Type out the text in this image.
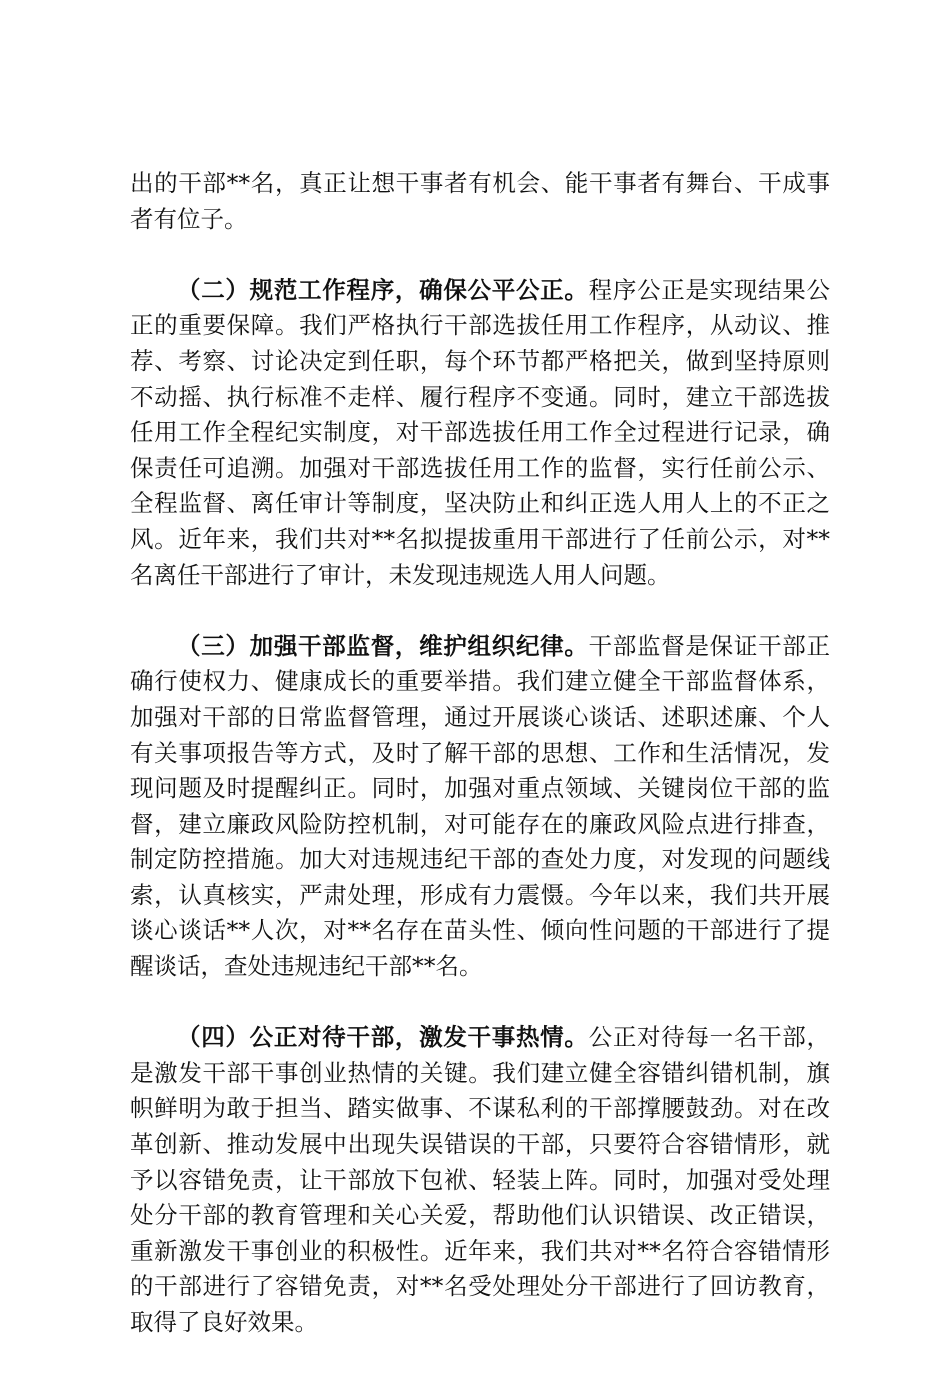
出的干部**名，真正让想干事者有机会、能干事者有舞台、干成事者有位子。

（二）规范工作程序，确保公平公正。程序公正是实现结果公正的重要保障。我们严格执行干部选拔任用工作程序，从动议、推荐、考察、讨论决定到任职，每个环节都严格把关，做到坚持原则不动摇、执行标准不走样、履行程序不变通。同时，建立干部选拔任用工作全程纪实制度，对干部选拔任用工作全过程进行记录，确保责任可追溯。加强对干部选拔任用工作的监督，实行任前公示、全程监督、离任审计等制度，坚决防止和纠正选人用人上的不正之风。近年来，我们共对**名拟提拔重用干部进行了任前公示，对**名离任干部进行了审计，未发现违规选人用人问题。

（三）加强干部监督，维护组织纪律。干部监督是保证干部正确行使权力、健康成长的重要举措。我们建立健全干部监督体系，加强对干部的日常监督管理，通过开展谈心谈话、述职述廉、个人有关事项报告等方式，及时了解干部的思想、工作和生活情况，发现问题及时提醒纠正。同时，加强对重点领域、关键岗位干部的监督，建立廉政风险防控机制，对可能存在的廉政风险点进行排查，制定防控措施。加大对违规违纪干部的查处力度，对发现的问题线索，认真核实，严肃处理，形成有力震慑。今年以来，我们共开展谈心谈话**人次，对**名存在苗头性、倾向性问题的干部进行了提醒谈话，查处违规违纪干部**名。

（四）公正对待干部，激发干事热情。公正对待每一名干部，是激发干部干事创业热情的关键。我们建立健全容错纠错机制，旗帜鲜明为敢于担当、踏实做事、不谋私利的干部撑腰鼓劲。对在改革创新、推动发展中出现失误错误的干部，只要符合容错情形，就予以容错免责，让干部放下包袱、轻装上阵。同时，加强对受处理处分干部的教育管理和关心关爱，帮助他们认识错误、改正错误，重新激发干事创业的积极性。近年来，我们共对**名符合容错情形的干部进行了容错免责，对**名受处理处分干部进行了回访教育，取得了良好效果。
